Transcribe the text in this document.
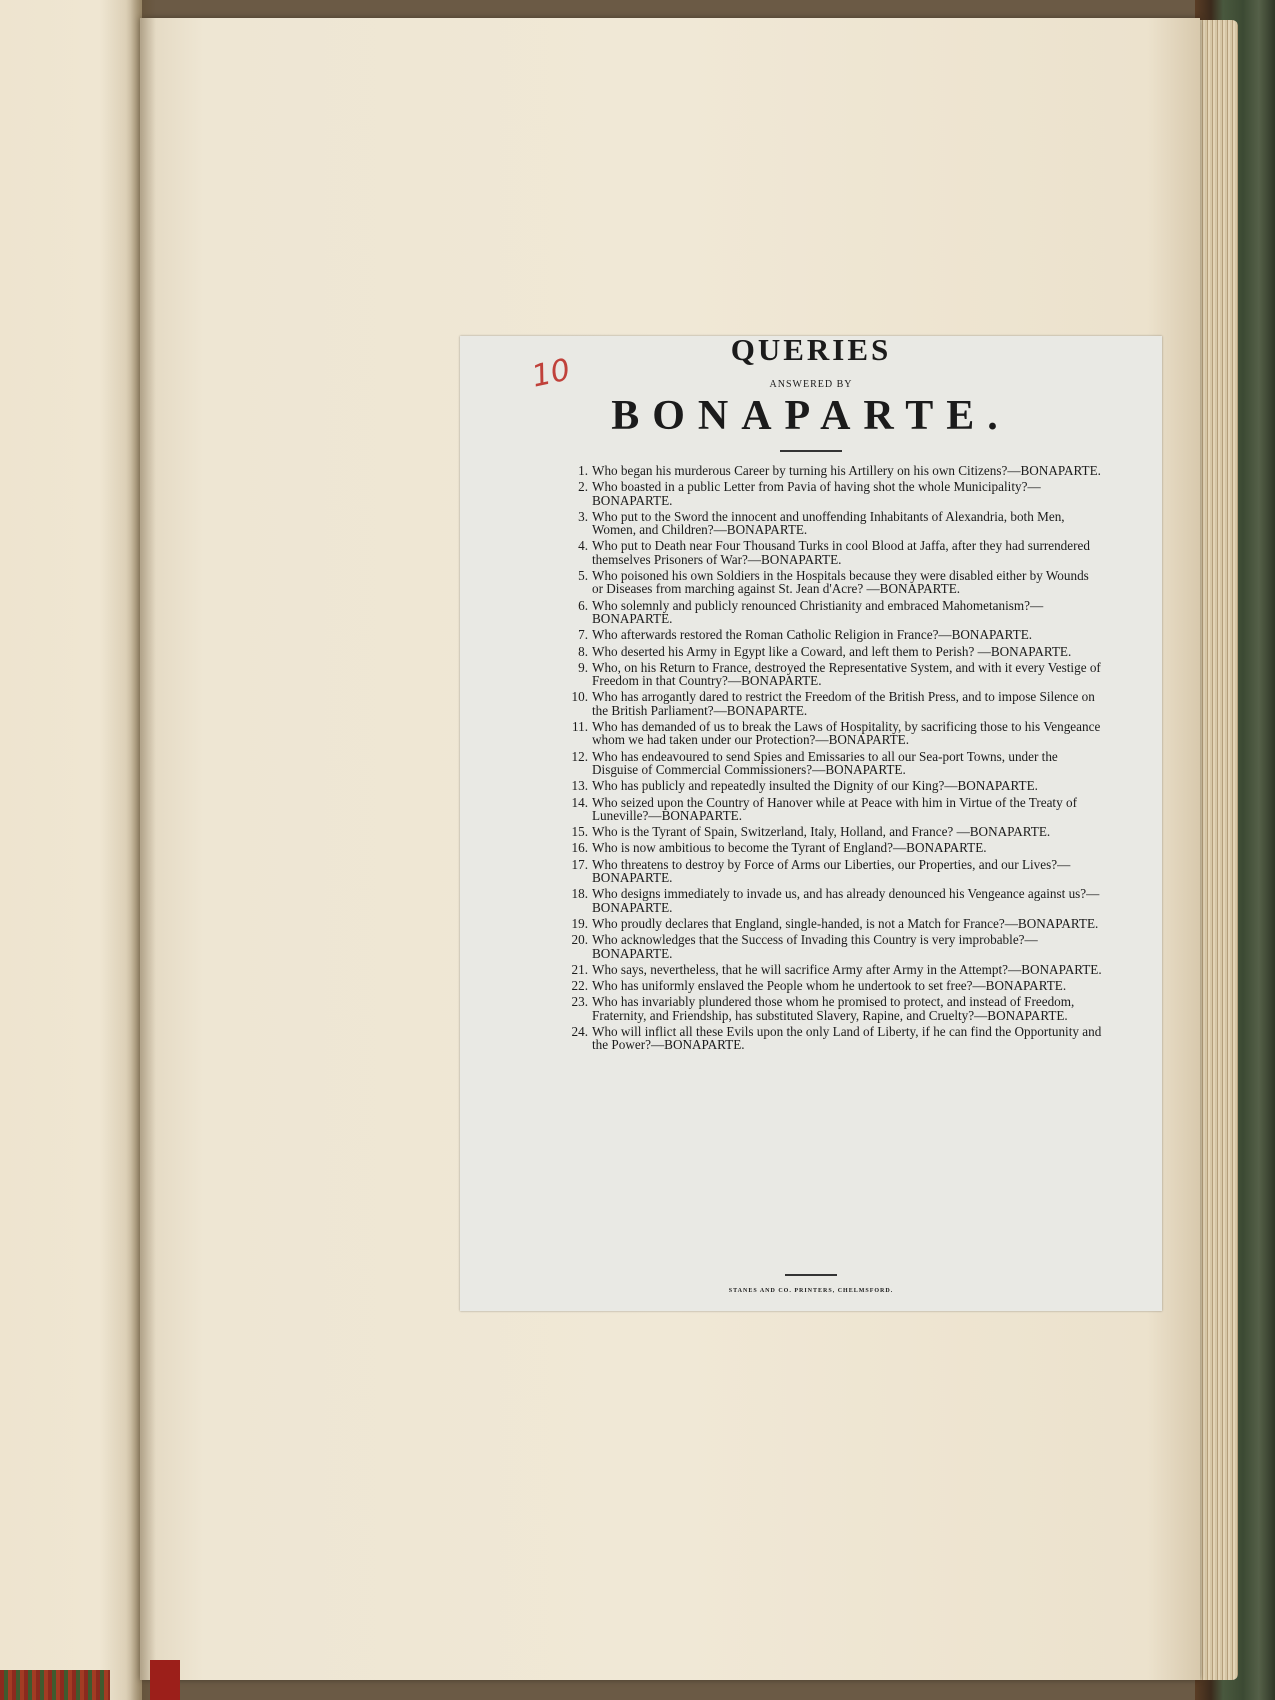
10
QUERIES
ANSWERED BY
BONAPARTE.
1. Who began his murderous Career by turning his Artillery on his own Citizens?—BONAPARTE.
2. Who boasted in a public Letter from Pavia of having shot the whole Municipality?—BONAPARTE.
3. Who put to the Sword the innocent and unoffending Inhabitants of Alexandria, both Men, Women, and Children?—BONAPARTE.
4. Who put to Death near Four Thousand Turks in cool Blood at Jaffa, after they had surrendered themselves Prisoners of War?—BONAPARTE.
5. Who poisoned his own Soldiers in the Hospitals because they were disabled either by Wounds or Diseases from marching against St. Jean d'Acre? —BONAPARTE.
6. Who solemnly and publicly renounced Christianity and embraced Mahometanism?—BONAPARTE.
7. Who afterwards restored the Roman Catholic Religion in France?—BONAPARTE.
8. Who deserted his Army in Egypt like a Coward, and left them to Perish? —BONAPARTE.
9. Who, on his Return to France, destroyed the Representative System, and with it every Vestige of Freedom in that Country?—BONAPARTE.
10. Who has arrogantly dared to restrict the Freedom of the British Press, and to impose Silence on the British Parliament?—BONAPARTE.
11. Who has demanded of us to break the Laws of Hospitality, by sacrificing those to his Vengeance whom we had taken under our Protection?—BONAPARTE.
12. Who has endeavoured to send Spies and Emissaries to all our Sea-port Towns, under the Disguise of Commercial Commissioners?—BONAPARTE.
13. Who has publicly and repeatedly insulted the Dignity of our King?—BONAPARTE.
14. Who seized upon the Country of Hanover while at Peace with him in Virtue of the Treaty of Luneville?—BONAPARTE.
15. Who is the Tyrant of Spain, Switzerland, Italy, Holland, and France? —BONAPARTE.
16. Who is now ambitious to become the Tyrant of England?—BONAPARTE.
17. Who threatens to destroy by Force of Arms our Liberties, our Properties, and our Lives?—BONAPARTE.
18. Who designs immediately to invade us, and has already denounced his Vengeance against us?—BONAPARTE.
19. Who proudly declares that England, single-handed, is not a Match for France?—BONAPARTE.
20. Who acknowledges that the Success of Invading this Country is very improbable?—BONAPARTE.
21. Who says, nevertheless, that he will sacrifice Army after Army in the Attempt?—BONAPARTE.
22. Who has uniformly enslaved the People whom he undertook to set free?—BONAPARTE.
23. Who has invariably plundered those whom he promised to protect, and instead of Freedom, Fraternity, and Friendship, has substituted Slavery, Rapine, and Cruelty?—BONAPARTE.
24. Who will inflict all these Evils upon the only Land of Liberty, if he can find the Opportunity and the Power?—BONAPARTE.
STANES AND CO. PRINTERS, CHELMSFORD.
